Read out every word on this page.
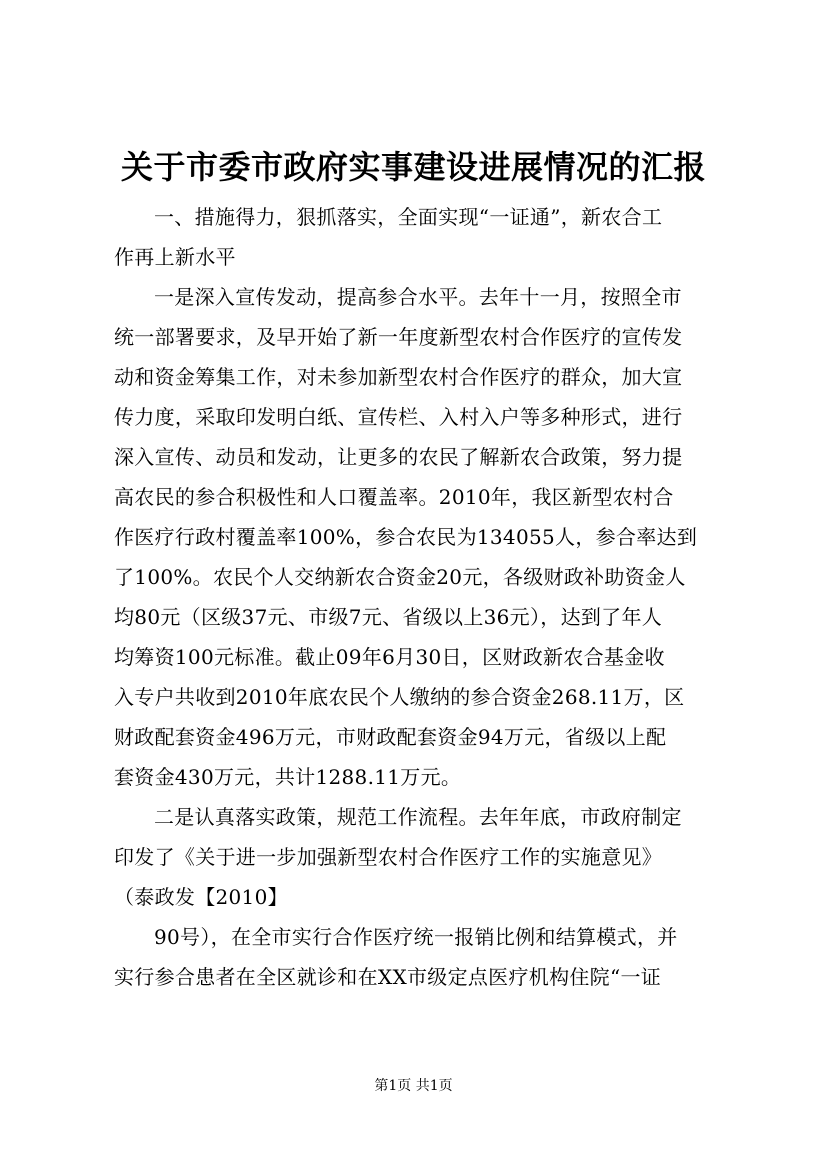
关于市委市政府实事建设进展情况的汇报
一、措施得力，狠抓落实，全面实现“一证通”，新农合工
作再上新水平
一是深入宣传发动，提高参合水平。去年十一月，按照全市
统一部署要求，及早开始了新一年度新型农村合作医疗的宣传发
动和资金筹集工作，对未参加新型农村合作医疗的群众，加大宣
传力度，采取印发明白纸、宣传栏、入村入户等多种形式，进行
深入宣传、动员和发动，让更多的农民了解新农合政策，努力提
高农民的参合积极性和人口覆盖率。2010年，我区新型农村合
作医疗行政村覆盖率100%，参合农民为134055人，参合率达到
了100%。农民个人交纳新农合资金20元，各级财政补助资金人
均80元（区级37元、市级7元、省级以上36元），达到了年人
均筹资100元标准。截止09年6月30日，区财政新农合基金收
入专户共收到2010年底农民个人缴纳的参合资金268.11万，区
财政配套资金496万元，市财政配套资金94万元，省级以上配
套资金430万元，共计1288.11万元。
二是认真落实政策，规范工作流程。去年年底，市政府制定
印发了《关于进一步加强新型农村合作医疗工作的实施意见》
（泰政发【2010】
90号），在全市实行合作医疗统一报销比例和结算模式，并
实行参合患者在全区就诊和在XX市级定点医疗机构住院“一证
第1页 共1页
